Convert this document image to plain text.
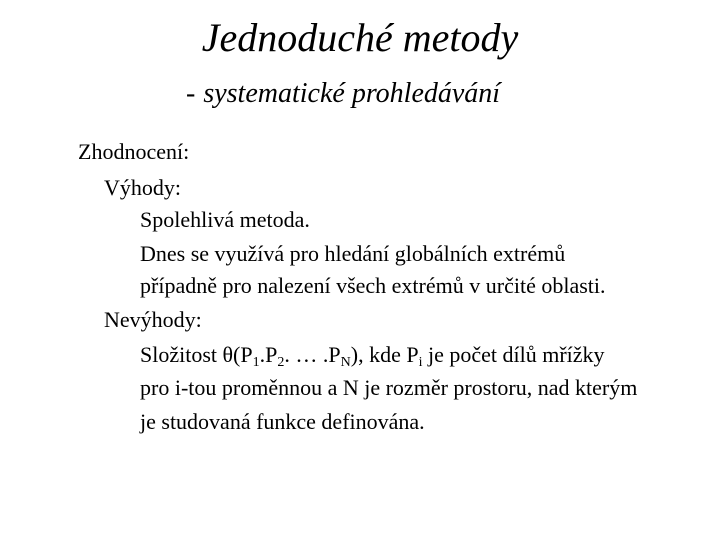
Jednoduché metody
- systematické prohledávání
Zhodnocení:
Výhody:
Spolehlivá metoda.
Dnes se využívá pro hledání globálních extrémů
případně pro nalezení všech extrémů v určité oblasti.
Nevýhody:
Složitost $\theta(P_1.P_2$. … $.P_N$), kde $P_i$ je počet dílů mřížky
pro i-tou proměnnou a N je rozměr prostoru, nad kterým
je studovaná funkce definována.
